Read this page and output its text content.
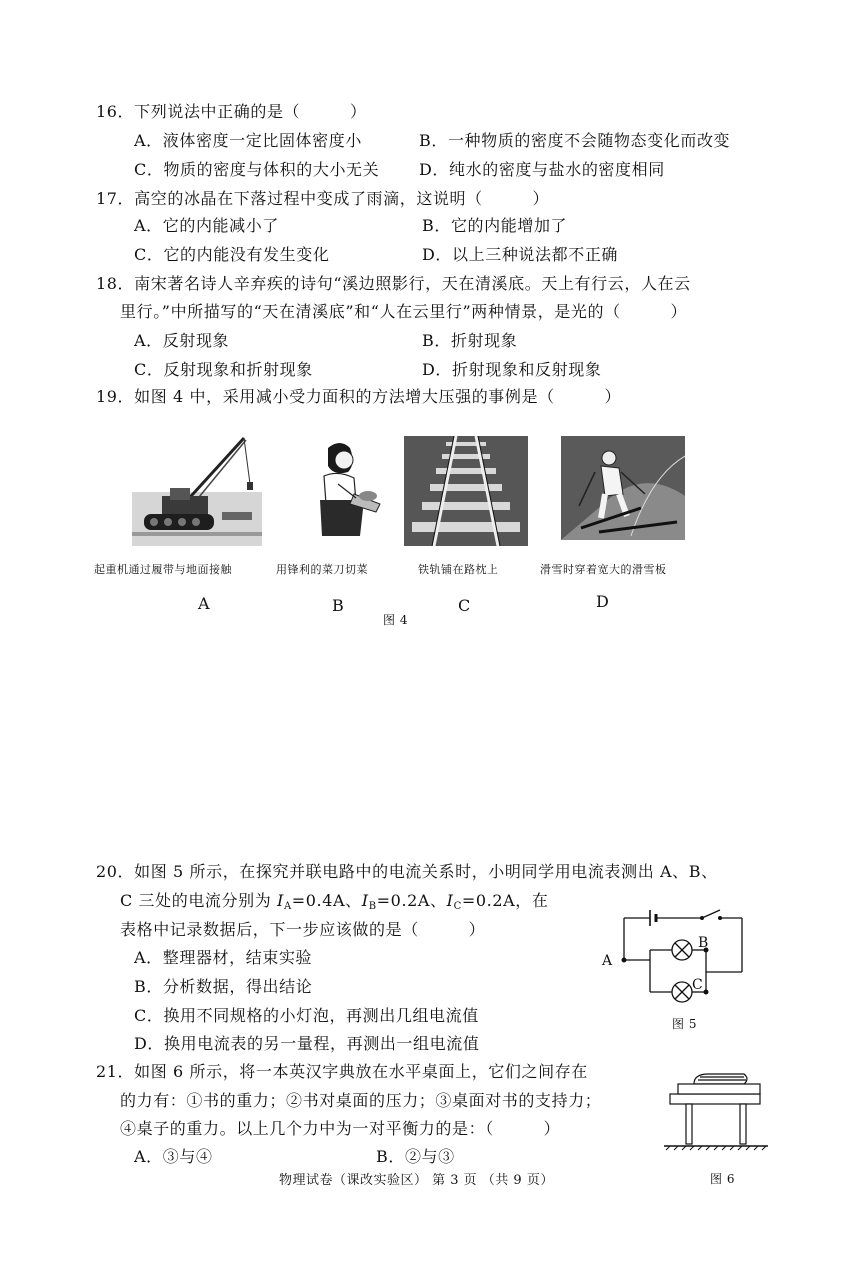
16．下列说法中正确的是（　　　）
A．液体密度一定比固体密度小	B．一种物质的密度不会随物态变化而改变
C．物质的密度与体积的大小无关 D．纯水的密度与盐水的密度相同
17．高空的冰晶在下落过程中变成了雨滴，这说明（　　　）
A．它的内能减小了	B．它的内能增加了
C．它的内能没有发生变化	D．以上三种说法都不正确
18．南宋著名诗人辛弃疾的诗句“溪边照影行，天在清溪底。天上有行云，人在云
里行。”中所描写的“天在清溪底”和“人在云里行”两种情景，是光的（　　　）
A．反射现象	B．折射现象
C．反射现象和折射现象	D．折射现象和反射现象
19．如图 4 中，采用减小受力面积的方法增大压强的事例是（　　　）
起重机通过履带与地面接触	用锋利的菜刀切菜	铁轨铺在路枕上	滑雪时穿着宽大的滑雪板
A	B	C	D
图 4
20．如图 5 所示，在探究并联电路中的电流关系时，小明同学用电流表测出 A、B、
C 三处的电流分别为 $I_A=0.4A$、$I_B=0.2A$、$I_C=0.2A$，在
表格中记录数据后，下一步应该做的是（　　　）
A．整理器材，结束实验
B．分析数据，得出结论
C．换用不同规格的小灯泡，再测出几组电流值
D．换用电流表的另一量程，再测出一组电流值
A
B
C
图 5
21．如图 6 所示，将一本英汉字典放在水平桌面上，它们之间存在
的力有：①书的重力；②书对桌面的压力；③桌面对书的支持力；
④桌子的重力。以上几个力中为一对平衡力的是：（　　　）
A．③与④	B．②与③
图 6
物理试卷（课改实验区） 第 3 页 （共 9 页）
